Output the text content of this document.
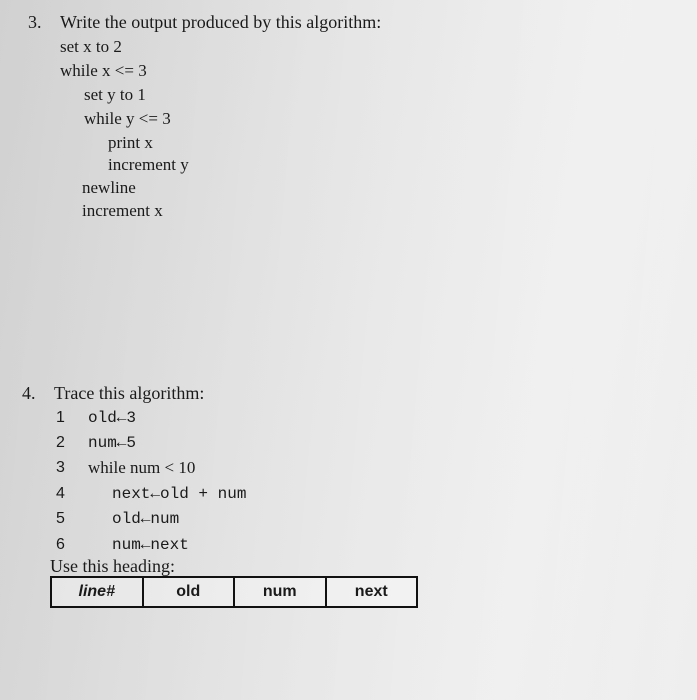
3. Write the output produced by this algorithm:
set x to 2
while x <= 3
set y to 1
while y <= 3
print x
increment y
newline
increment x
4. Trace this algorithm:
1 old←3
2 num←5
3 while num < 10
4	next←old + num
5	old←num
6	num←next
Use this heading:
line#	old	num	next
